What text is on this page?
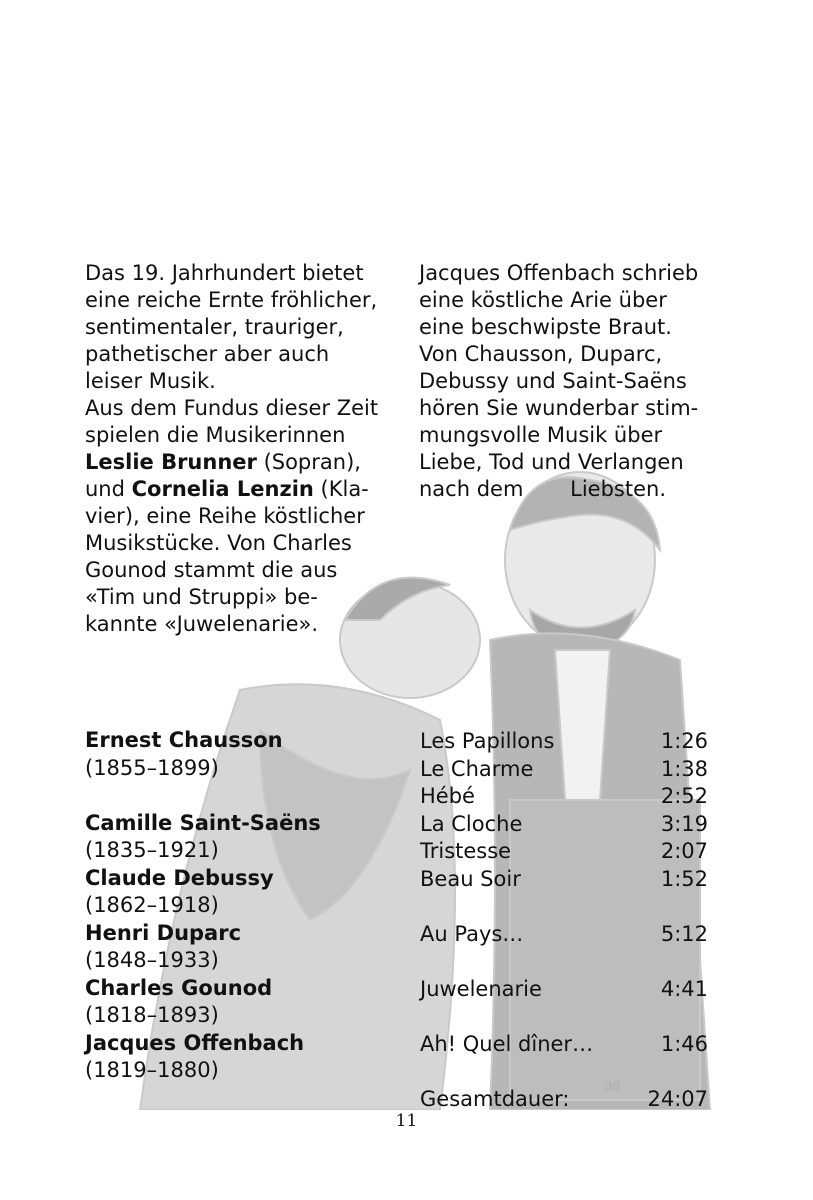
38

Das 19. Jahrhundert bietet

eine reiche Ernte fröhlicher,

sentimentaler, trauriger,

pathetischer aber auch

leiser Musik.

Aus dem Fundus dieser Zeit

spielen die Musikerinnen

Leslie Brunner (Sopran),

und Cornelia Lenzin (Kla-

vier), eine Reihe köstlicher

Musikstücke. Von Charles

Gounod stammt die aus

«Tim und Struppi» be-

kannte «Juwelenarie».

Jacques Offenbach schrieb

eine köstliche Arie über

eine beschwipste Braut.

Von Chausson, Duparc,

Debussy und Saint-Saëns

hören Sie wunderbar stim-

mungsvolle Musik über

Liebe, Tod und Verlangen

nach dem       Liebsten.

Ernest Chausson
(1855–1899)
Camille Saint-Saëns
(1835–1921)
Claude Debussy
(1862–1918)
Henri Duparc
(1848–1933)
Charles Gounod
(1818–1893)
Jacques Offenbach
(1819–1880)
Les Papillons	1:26
Le Charme	1:38
Hébé	2:52
La Cloche	3:19
Tristesse	2:07
Beau Soir	1:52
Au Pays…	5:12
Juwelenarie	4:41
Ah! Quel dîner…	1:46
Gesamtdauer:	24:07
11
